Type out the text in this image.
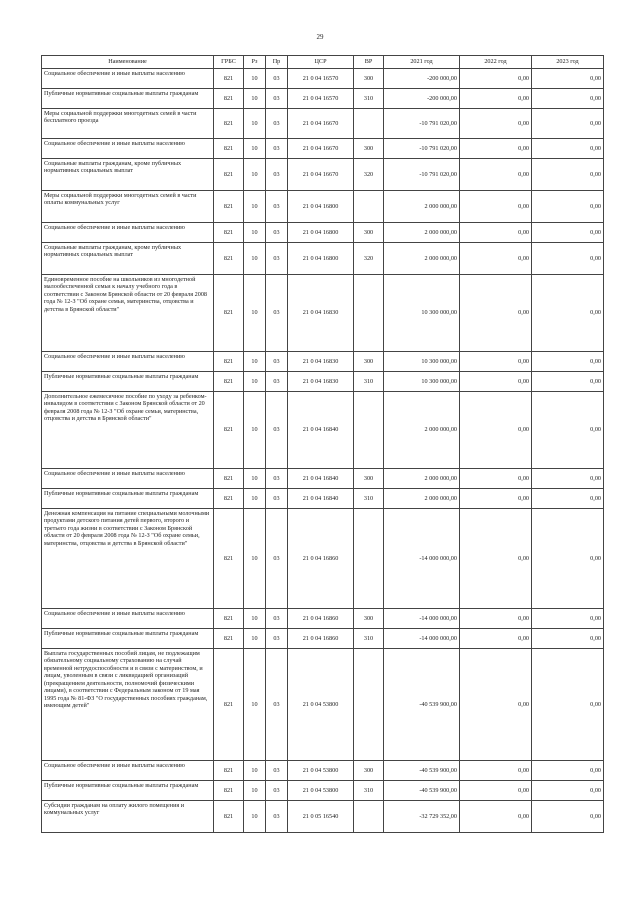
29
Наименование	ГРБС	Рз	Пр	ЦСР	ВР	2021 год	2022 год	2023 год
Социальное обеспечение и иные выплаты населению	821	10	03	21 0 04 16570	300	-200 000,00	0,00	0,00
Публичные нормативные социальные выплаты гражданам	821	10	03	21 0 04 16570	310	-200 000,00	0,00	0,00
Меры социальной поддержки многодетных семей в части бесплатного проезда	821	10	03	21 0 04 16670		-10 791 020,00	0,00	0,00
Социальное обеспечение и иные выплаты населению	821	10	03	21 0 04 16670	300	-10 791 020,00	0,00	0,00
Социальные выплаты гражданам, кроме публичных нормативных социальных выплат	821	10	03	21 0 04 16670	320	-10 791 020,00	0,00	0,00
Меры социальной поддержки многодетных семей в части оплаты коммунальных услуг	821	10	03	21 0 04 16800		2 000 000,00	0,00	0,00
Социальное обеспечение и иные выплаты населению	821	10	03	21 0 04 16800	300	2 000 000,00	0,00	0,00
Социальные выплаты гражданам, кроме публичных нормативных социальных выплат	821	10	03	21 0 04 16800	320	2 000 000,00	0,00	0,00
Единовременное пособие на школьников из многодетной малообеспеченной семьи к началу учебного года в соответствии с Законом Брянской области от 20 февраля 2008 года № 12-З "Об охране семьи, материнства, отцовства и детства в Брянской области"	821	10	03	21 0 04 16830		10 300 000,00	0,00	0,00
Социальное обеспечение и иные выплаты населению	821	10	03	21 0 04 16830	300	10 300 000,00	0,00	0,00
Публичные нормативные социальные выплаты гражданам	821	10	03	21 0 04 16830	310	10 300 000,00	0,00	0,00
Дополнительное ежемесячное пособие по уходу за ребенком-инвалидом в соответствии с Законом Брянской области от 20 февраля 2008 года № 12-З "Об охране семьи, материнства, отцовства и детства в Брянской области"	821	10	03	21 0 04 16840		2 000 000,00	0,00	0,00
Социальное обеспечение и иные выплаты населению	821	10	03	21 0 04 16840	300	2 000 000,00	0,00	0,00
Публичные нормативные социальные выплаты гражданам	821	10	03	21 0 04 16840	310	2 000 000,00	0,00	0,00
Денежная компенсация на питание специальными молочными продуктами детского питания детей первого, второго и третьего года жизни в соответствии с Законом Брянской области от 20 февраля 2008 года № 12-З "Об охране семьи, материнства, отцовства и детства в Брянской области"	821	10	03	21 0 04 16860		-14 000 000,00	0,00	0,00
Социальное обеспечение и иные выплаты населению	821	10	03	21 0 04 16860	300	-14 000 000,00	0,00	0,00
Публичные нормативные социальные выплаты гражданам	821	10	03	21 0 04 16860	310	-14 000 000,00	0,00	0,00
Выплата государственных пособий лицам, не подлежащим обязательному социальному страхованию на случай временной нетрудоспособности и в связи с материнством, и лицам, уволенным в связи с ликвидацией организаций (прекращением деятельности, полномочий физическими лицами), в соответствии с Федеральным законом от 19 мая 1995 года № 81-ФЗ "О государственных пособиях гражданам, имеющим детей"	821	10	03	21 0 04 53800		-40 539 900,00	0,00	0,00
Социальное обеспечение и иные выплаты населению	821	10	03	21 0 04 53800	300	-40 539 900,00	0,00	0,00
Публичные нормативные социальные выплаты гражданам	821	10	03	21 0 04 53800	310	-40 539 900,00	0,00	0,00
Субсидии гражданам на оплату жилого помещения и коммунальных услуг	821	10	03	21 0 05 16540		-32 729 352,00	0,00	0,00
